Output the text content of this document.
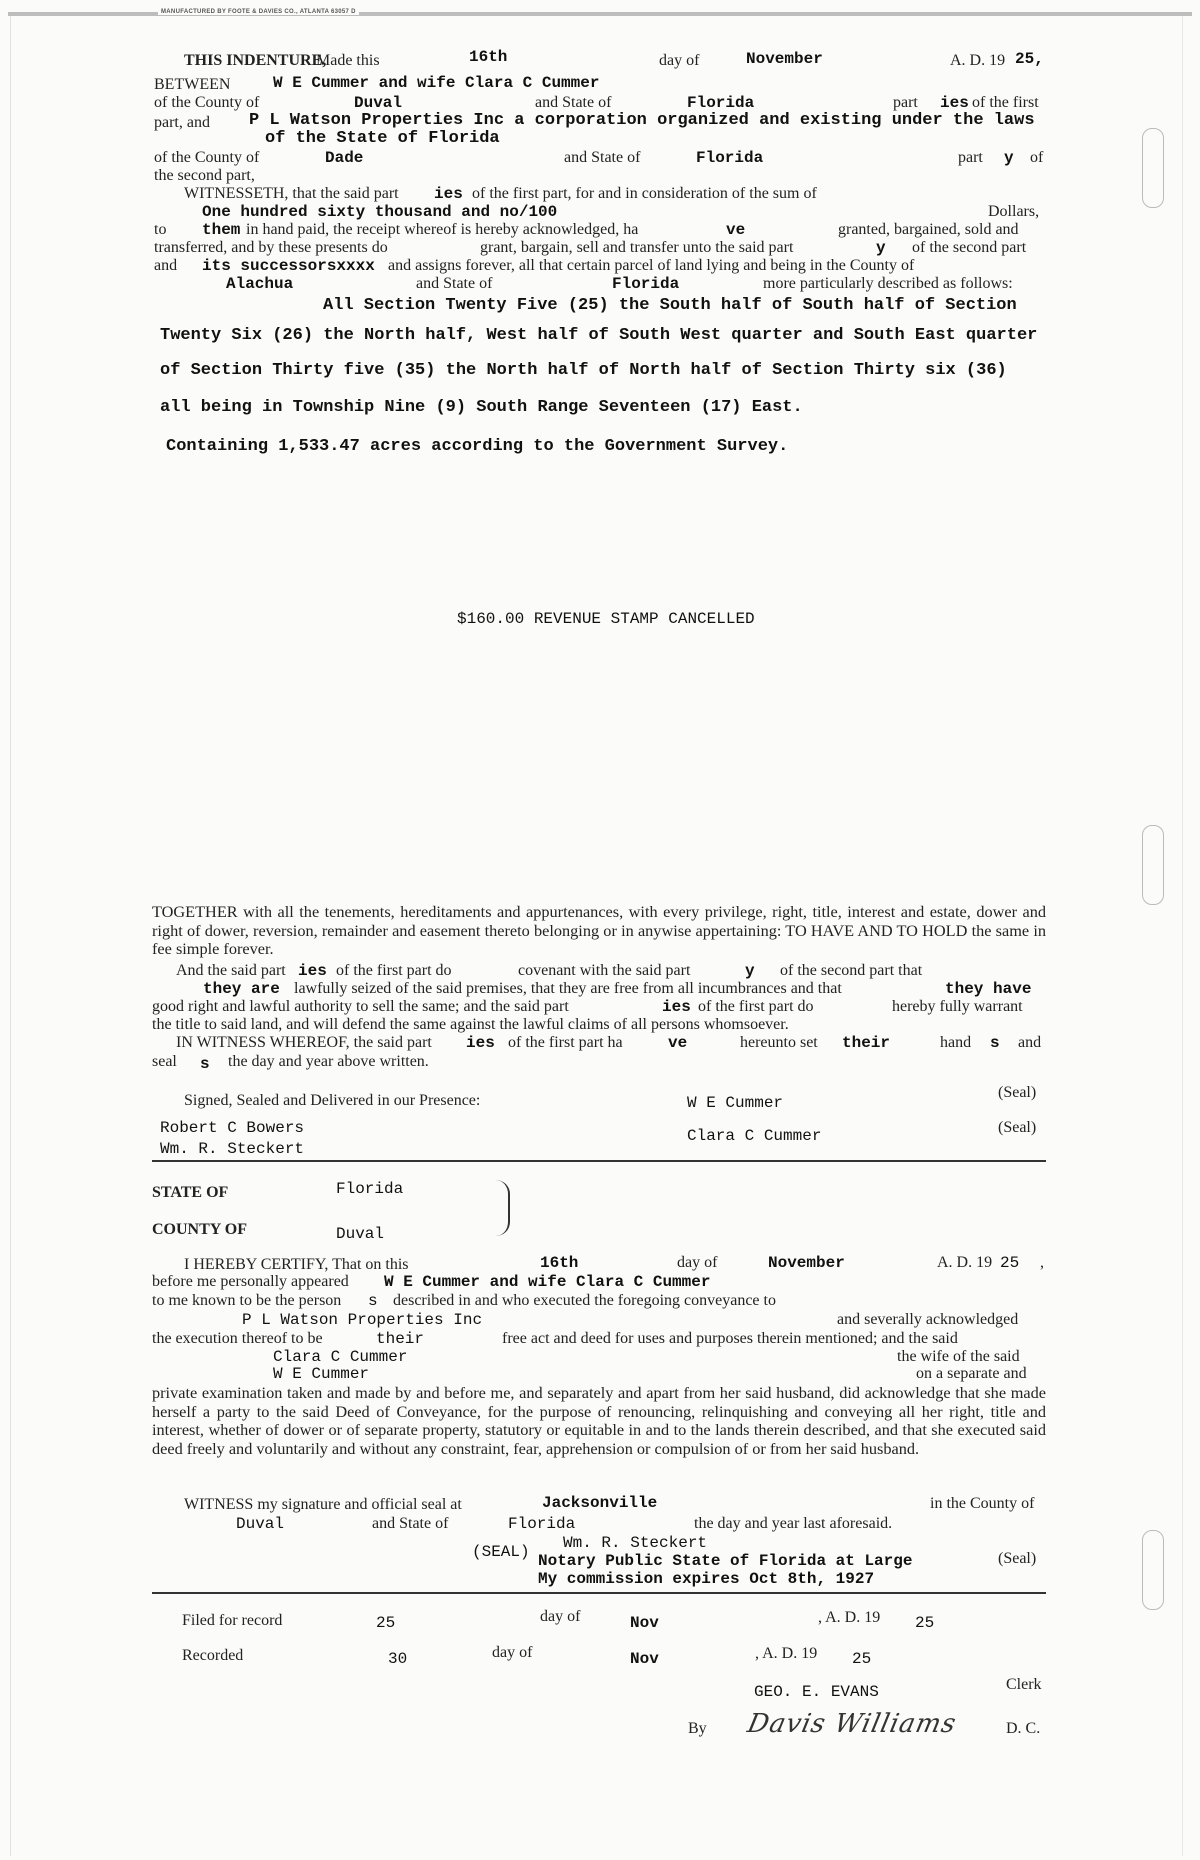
MANUFACTURED BY FOOTE & DAVIES CO., ATLANTA 63057 D
THIS INDENTURE,
Made this	16th	day of	November	A. D. 19 25,
BETWEEN	W E Cummer and wife Clara C Cummer
of the County of	Duval	and State of	Florida	part ies of the first
part, and P L Watson Properties Inc a corporation organized and existing under the laws
of the State of Florida
of the County of	Dade	and State of	Florida	part y of
the second part,
WITNESSETH, that the said part ies of the first part, for and in consideration of the sum of
One hundred sixty thousand and no/100	Dollars,
to them in hand paid, the receipt whereof is hereby acknowledged, ha	ve	granted, bargained, sold and
transferred, and by these presents do	grant, bargain, sell and transfer unto the said part	y of the second part
and its successorsxxxx and assigns forever, all that certain parcel of land lying and being in the County of
Alachua	and State of	Florida	more particularly described as follows:
All Section Twenty Five (25) the South half of South half of Section
Twenty Six (26) the North half, West half of South West quarter and South East quarter
of Section Thirty five (35) the North half of North half of Section Thirty six (36)
all being in Township Nine (9) South Range Seventeen (17) East.
Containing 1,533.47 acres according to the Government Survey.
$160.00 REVENUE STAMP CANCELLED
TOGETHER with all the tenements, hereditaments and appurtenances, with every privilege, right, title, interest and estate, dower and right of dower, reversion, remainder and easement thereto belonging or in anywise appertaining: TO HAVE AND TO HOLD the same in fee simple forever.
And the said part ies of the first part do	covenant with the said part	y of the second part that
they are lawfully seized of the said premises, that they are free from all incumbrances and that	they have
good right and lawful authority to sell the same; and the said part	ies of the first part do	hereby fully warrant
the title to said land, and will defend the same against the lawful claims of all persons whomsoever.
IN WITNESS WHEREOF, the said part ies of the first part ha	ve	hereunto set their	hand s and
seal s the day and year above written.
Signed, Sealed and Delivered in our Presence:	W E Cummer
(Seal)
Robert C Bowers	Clara C Cummer	(Seal)
Wm. R. Steckert
STATE OF	Florida
COUNTY OF	Duval
I HEREBY CERTIFY, That on this	16th	day of	November	A. D. 19 25 ,
before me personally appeared W E Cummer and wife Clara C Cummer
to me known to be the person s described in and who executed the foregoing conveyance to
P L Watson Properties Inc	and severally acknowledged
the execution thereof to be	their	free act and deed for uses and purposes therein mentioned; and the said
Clara C Cummer	the wife of the said
W E Cummer	on a separate and
private examination taken and made by and before me, and separately and apart from her said husband, did acknowledge that she made herself a party to the said Deed of Conveyance, for the purpose of renouncing, relinquishing and conveying all her right, title and interest, whether of dower or of separate property, statutory or equitable in and to the lands therein described, and that she executed said deed freely and voluntarily and without any constraint, fear, apprehension or compulsion of or from her said husband.
WITNESS my signature and official seal at	Jacksonville	in the County of
Duval	and State of	Florida	the day and year last aforesaid.
(SEAL) Wm. R. Steckert
Notary Public State of Florida at Large
My commission expires Oct 8th, 1927
(Seal)
Filed for record	25	day of	Nov	, A. D. 19 25
Recorded	30	day of	Nov	, A. D. 19 25
GEO. E. EVANS	Clerk
By Davis Williams	D. C.
